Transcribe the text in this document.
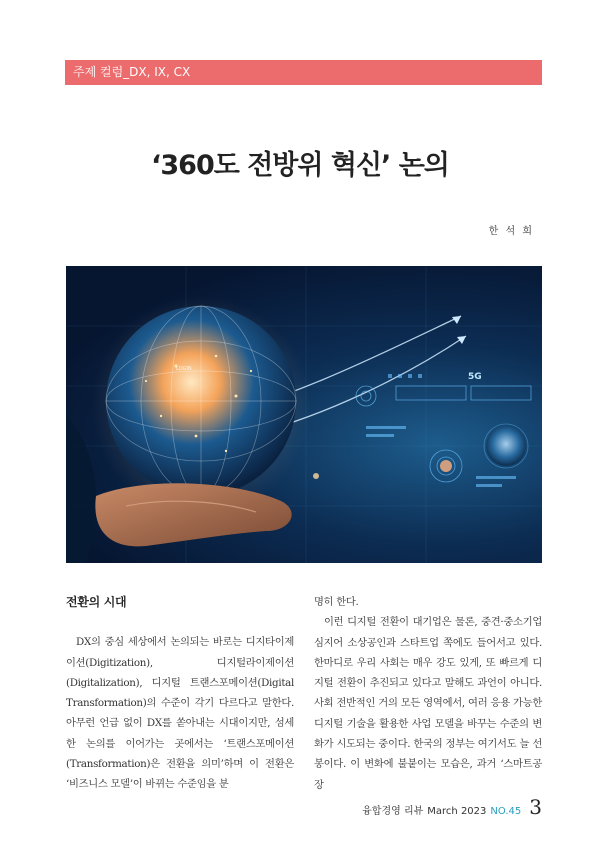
주제 컬럼_DX, IX, CX
‘360도 전방위 혁신’ 논의
한 석 희
LOGIN
5G
전환의 시대

DX의 중심 세상에서 논의되는 바로는 디지타이제이션(Digitization), 디지털라이제이션(Digitalization), 디지털 트랜스포메이션(Digital Transformation)의 수준이 각기 다르다고 말한다. 아무런 언급 없이 DX를 쏟아내는 시대이지만, 섬세한 논의를 이어가는 곳에서는 ‘트랜스포메이션(Transformation)은 전환을 의미’하며 이 전환은 ‘비즈니스 모델’이 바뀌는 수준임을 분

명히 한다.

이런 디지털 전환이 대기업은 물론, 중견·중소기업 심지어 소상공인과 스타트업 쪽에도 들어서고 있다. 한마디로 우리 사회는 매우 강도 있게, 또 빠르게 디지털 전환이 추진되고 있다고 말해도 과언이 아니다. 사회 전반적인 거의 모든 영역에서, 여러 응용 가능한 디지털 기술을 활용한 사업 모델을 바꾸는 수준의 변화가 시도되는 중이다. 한국의 정부는 여기서도 늘 선봉이다. 이 변화에 불붙이는 모습은, 과거 ‘스마트공장

융합경영 리뷰 March 2023 NO.45 3
